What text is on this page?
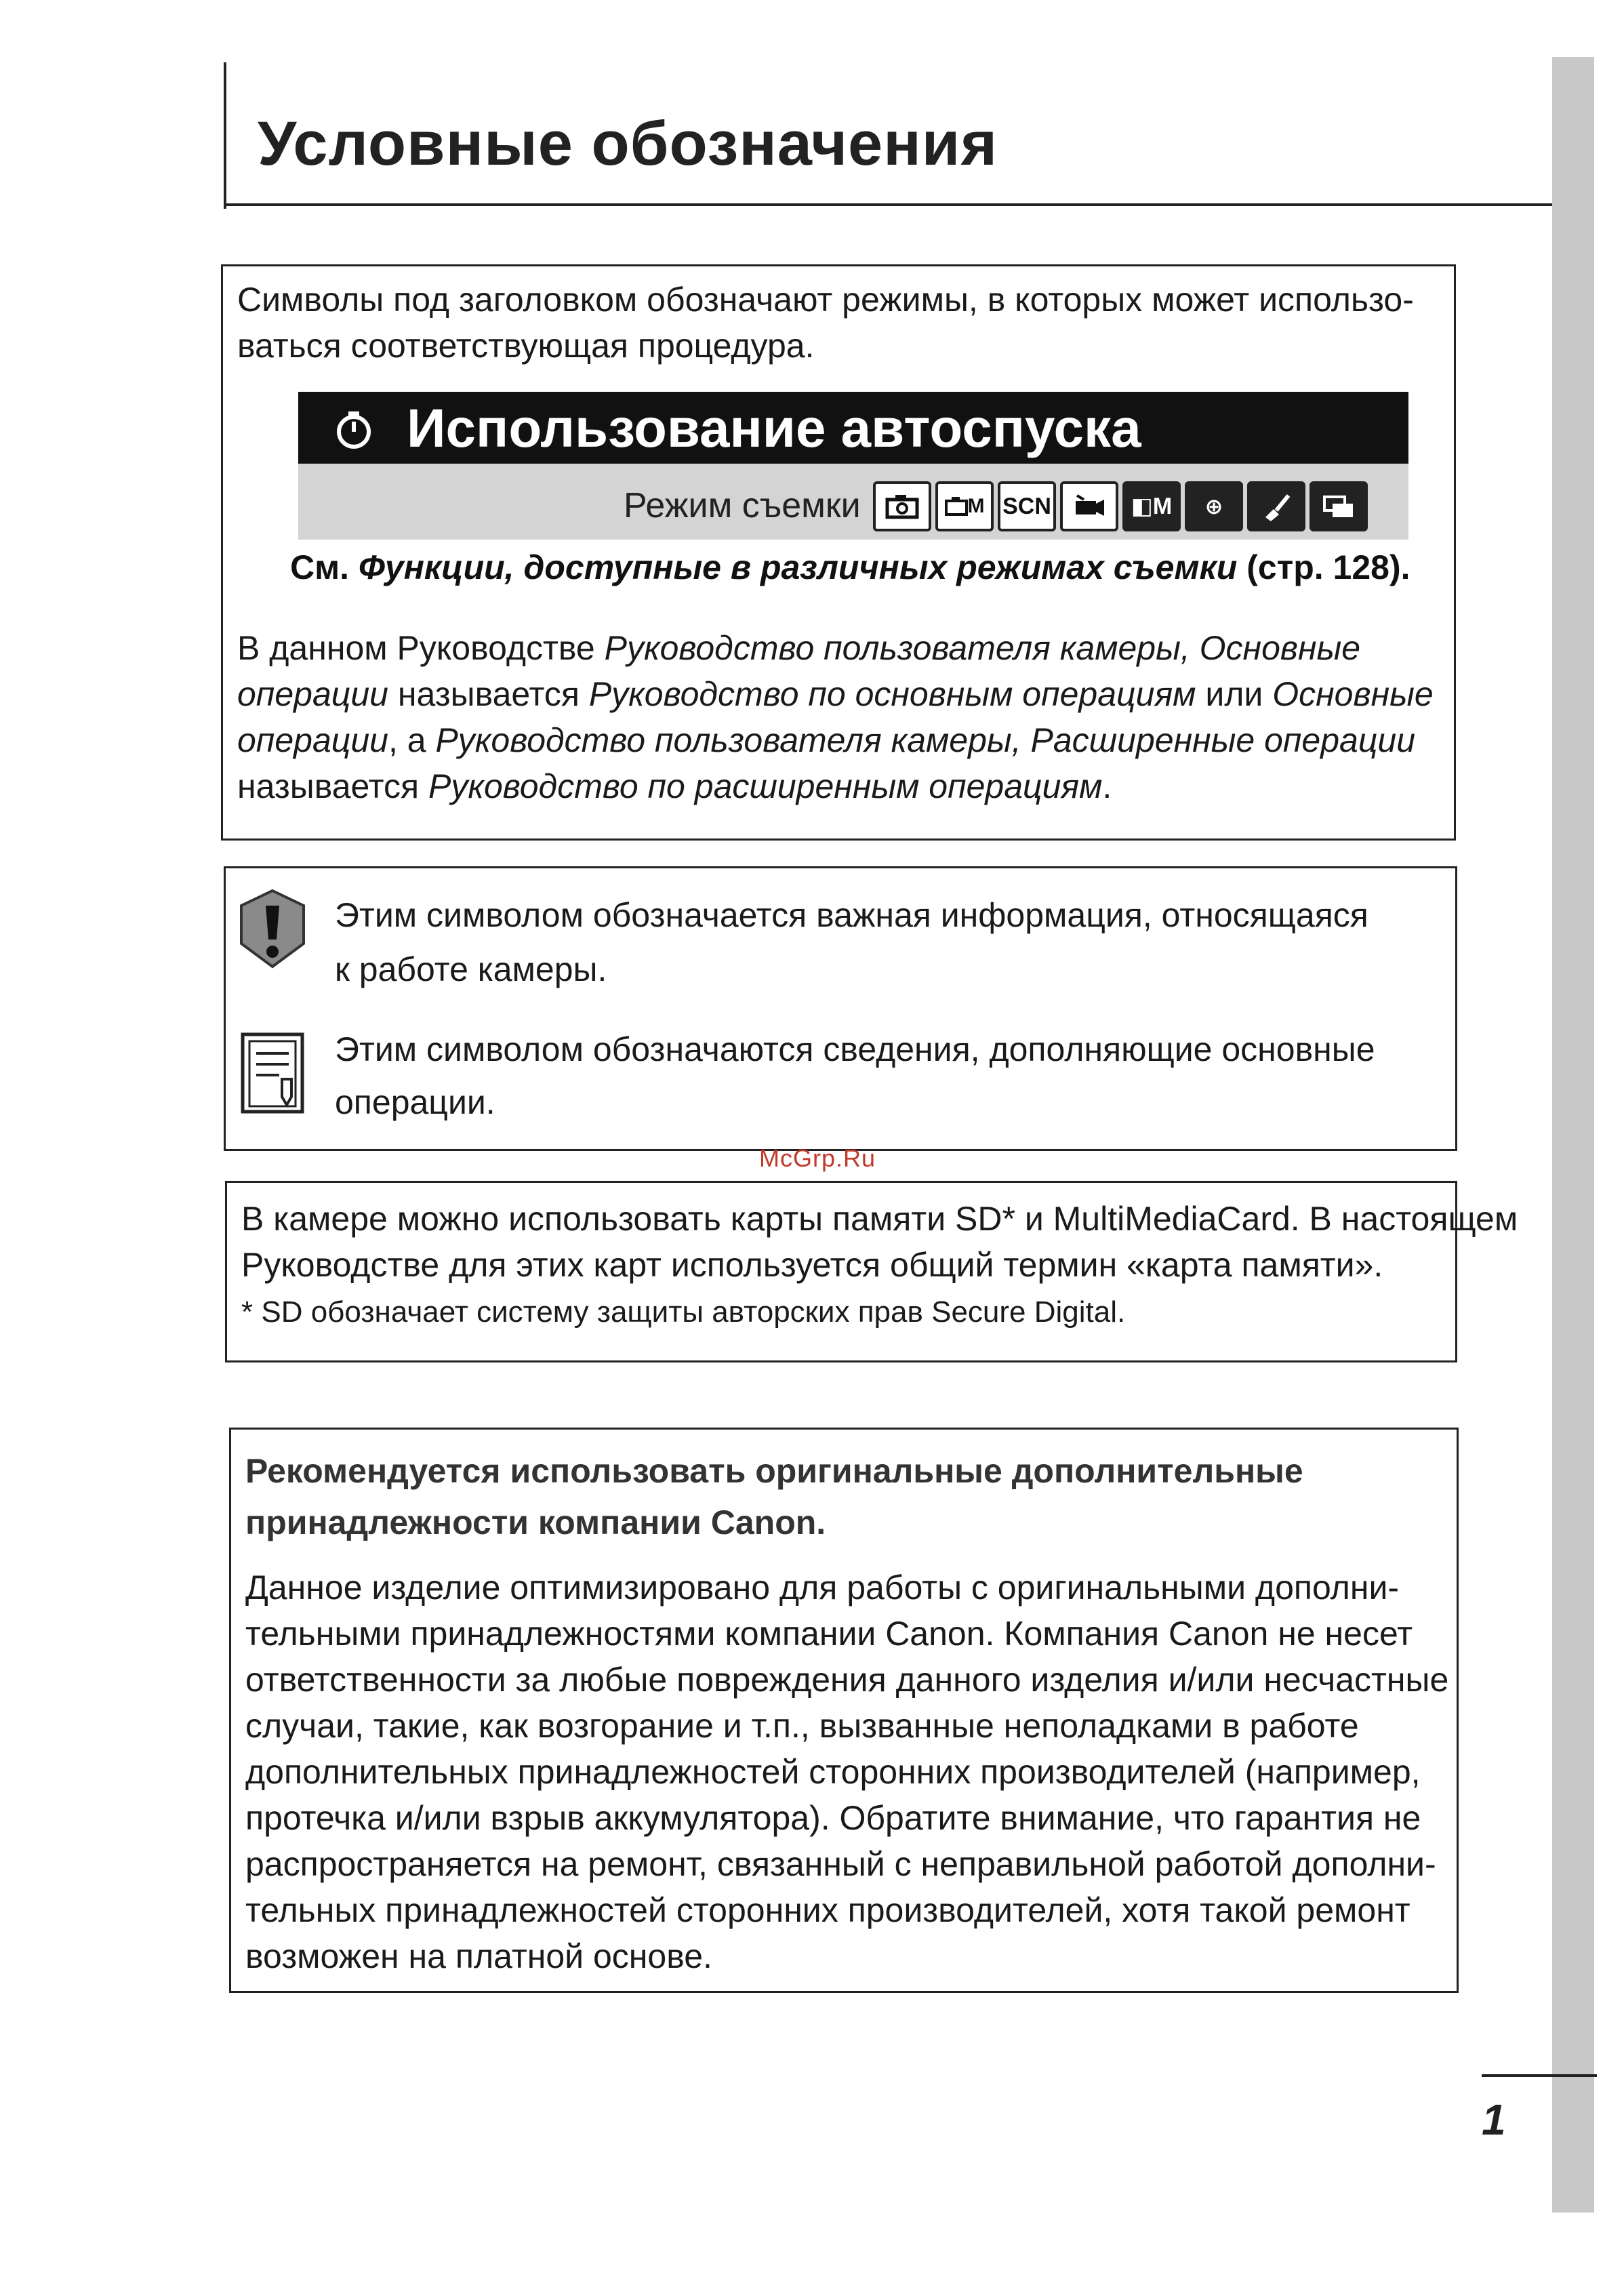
Условные обозначения
Символы под заголовком обозначают режимы, в которых может использо-
ваться соответствующая процедура.
Использование автоспуска
Режим съемки	M SCN	◧M	⊕
См. Функции, доступные в различных режимах съемки (стр. 128).
В данном Руководстве Руководство пользователя камеры, Основные
операции называется Руководство по основным операциям или Основные
операции, а Руководство пользователя камеры, Расширенные операции
называется Руководство по расширенным операциям.
Этим символом обозначается важная информация, относящаяся
к работе камеры.
Этим символом обозначаются сведения, дополняющие основные
операции.
McGrp.Ru
В камере можно использовать карты памяти SD* и MultiMediaCard. В настоящем
Руководстве для этих карт используется общий термин «карта памяти».
* SD обозначает систему защиты авторских прав Secure Digital.
Рекомендуется использовать оригинальные дополнительные
принадлежности компании Canon.
Данное изделие оптимизировано для работы с оригинальными дополни-
тельными принадлежностями компании Canon. Компания Canon не несет
ответственности за любые повреждения данного изделия и/или несчастные
случаи, такие, как возгорание и т.п., вызванные неполадками в работе
дополнительных принадлежностей сторонних производителей (например,
протечка и/или взрыв аккумулятора). Обратите внимание, что гарантия не
распространяется на ремонт, связанный с неправильной работой дополни-
тельных принадлежностей сторонних производителей, хотя такой ремонт
возможен на платной основе.
1
